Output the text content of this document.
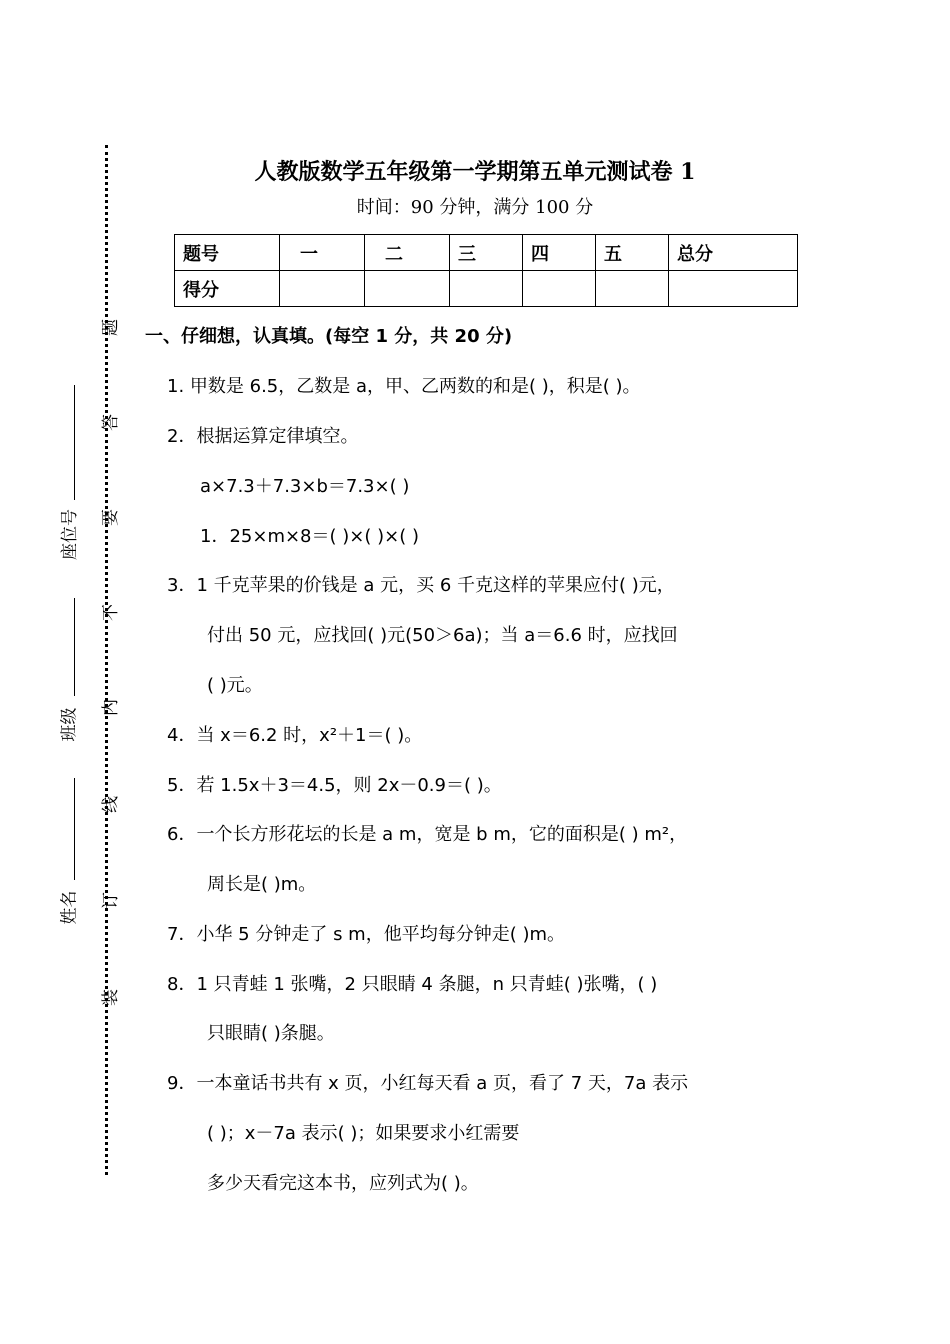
题
答
要
不
内
线
订
装
座位号
班级
姓名
人教版数学五年级第一学期第五单元测试卷 1
时间：90 分钟，满分 100 分
题号	一	二	三	四	五	总分
得分						
一、仔细想，认真填。(每空 1 分，共 20 分)
1. 甲数是 6.5，乙数是 a，甲、乙两数的和是( )，积是( )。
2．根据运算定律填空。
a×7.3＋7.3×b＝7.3×( )
1．25×m×8＝( )×( )×( )
3．1 千克苹果的价钱是 a 元，买 6 千克这样的苹果应付( )元，
付出 50 元，应找回( )元(50＞6a)；当 a＝6.6 时，应找回
( )元。
4．当 x＝6.2 时，x²＋1＝( )。
5．若 1.5x＋3＝4.5，则 2x－0.9＝( )。
6．一个长方形花坛的长是 a m，宽是 b m，它的面积是( ) m²，
周长是( )m。
7．小华 5 分钟走了 s m，他平均每分钟走( )m。
8．1 只青蛙 1 张嘴，2 只眼睛 4 条腿，n 只青蛙( )张嘴，( )
只眼睛( )条腿。
9．一本童话书共有 x 页，小红每天看 a 页，看了 7 天，7a 表示
( )；x－7a 表示( )；如果要求小红需要
多少天看完这本书，应列式为( )。
